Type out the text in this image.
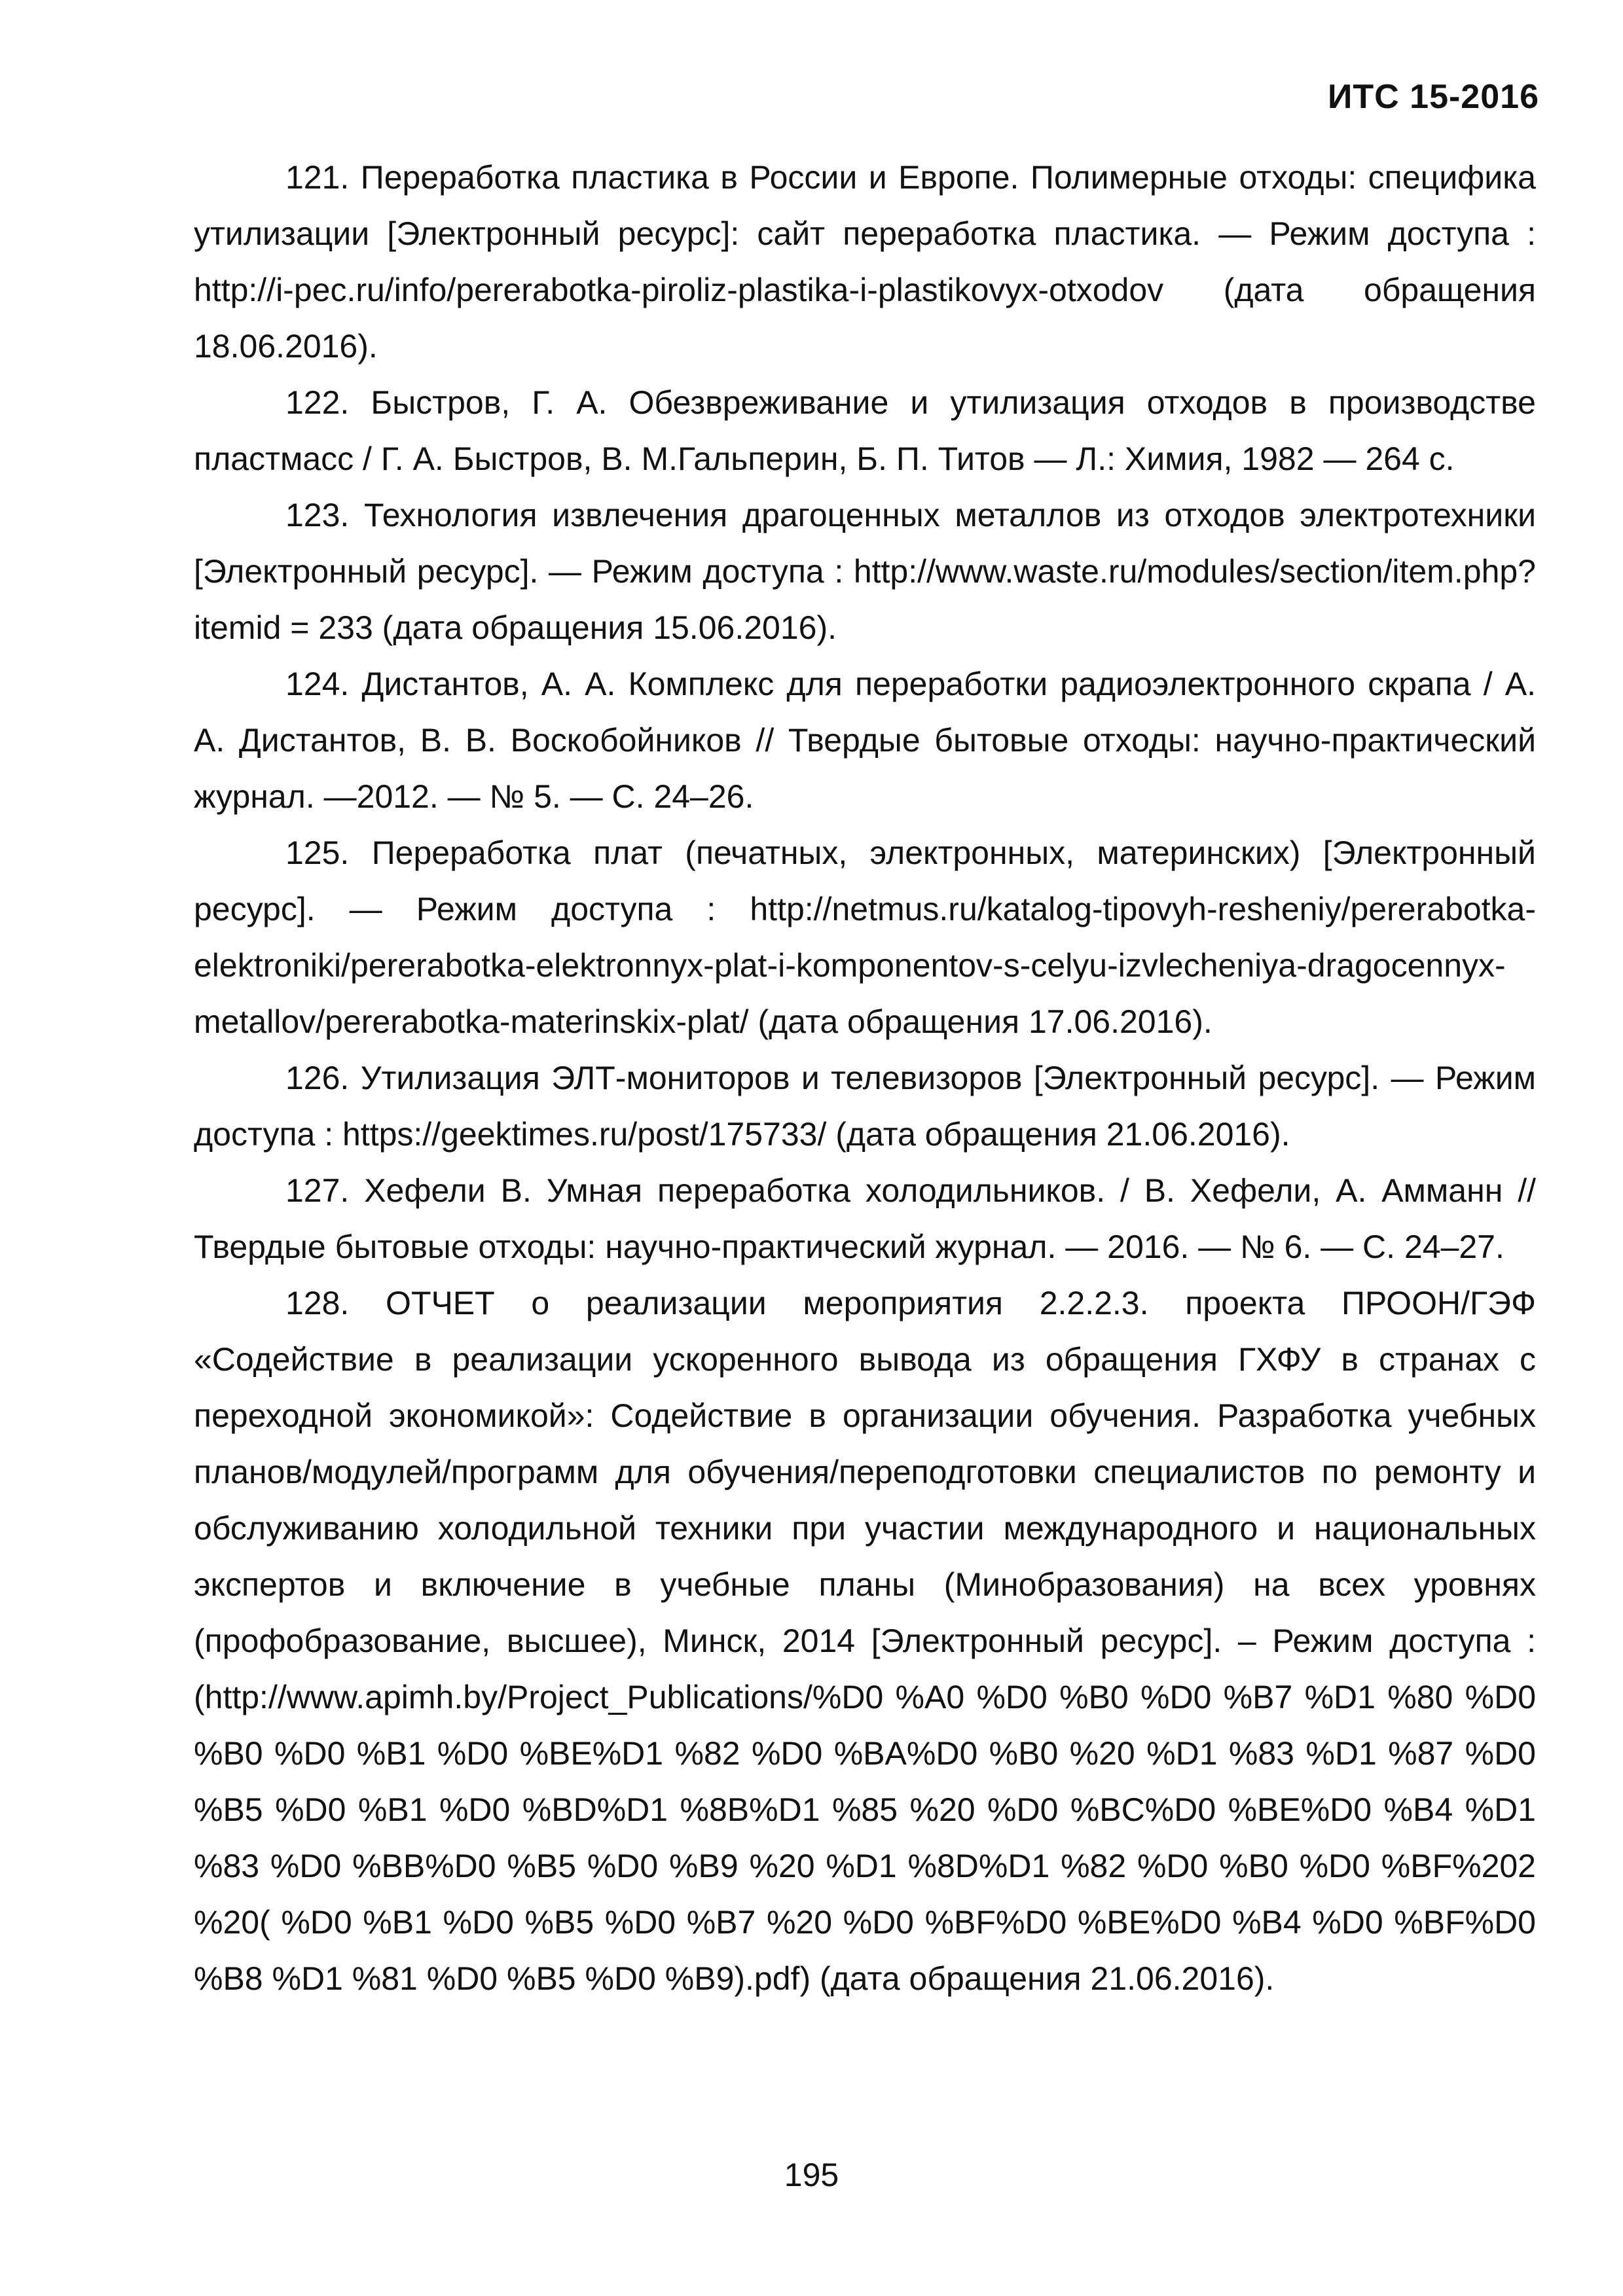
ИТС 15-2016

121. Переработка пластика в России и Европе. Полимерные отходы: специфика утилизации [Электронный ресурс]: сайт переработка пластика. — Режим доступа : http://i-pec.ru/info/pererabotka-piroliz-plastika-i-plastikovyx-otxodov (дата обращения 18.06.2016).

122. Быстров, Г. А. Обезвреживание и утилизация отходов в производстве пластмасс / Г. А. Быстров, В. М.Гальперин, Б. П. Титов — Л.: Химия, 1982 — 264 с.

123. Технология извлечения драгоценных металлов из отходов электротехники [Электронный ресурс]. — Режим доступа : http://www.waste.ru/modules/section/item.php?itemid = 233 (дата обращения 15.06.2016).

124. Дистантов, А. А. Комплекс для переработки радиоэлектронного скрапа / А. А. Дистантов, В. В. Воскобойников // Твердые бытовые отходы: научно-практический журнал. —2012. — № 5. — С. 24–26.

125. Переработка плат (печатных, электронных, материнских) [Электронный ресурс]. — Режим доступа : http://netmus.ru/katalog-tipovyh-resheniy/pererabotka-elektroniki/pererabotka-elektronnyx-plat-i-komponentov-s-celyu-izvlecheniya-dragocennyx-metallov/pererabotka-materinskix-plat/ (дата обращения 17.06.2016).

126. Утилизация ЭЛТ-мониторов и телевизоров [Электронный ресурс]. — Режим доступа : https://geektimes.ru/post/175733/ (дата обращения 21.06.2016).

127. Хефели В. Умная переработка холодильников. / В. Хефели, А. Амманн // Твердые бытовые отходы: научно-практический журнал. — 2016. — № 6. — С. 24–27.

128. ОТЧЕТ о реализации мероприятия 2.2.2.3. проекта ПРООН/ГЭФ «Содействие в реализации ускоренного вывода из обращения ГХФУ в странах с переходной экономикой»: Содействие в организации обучения. Разработка учебных планов/модулей/программ для обучения/переподготовки специалистов по ремонту и обслуживанию холодильной техники при участии международного и национальных экспертов и включение в учебные планы (Минобразования) на всех уровнях (профобразование, высшее), Минск, 2014 [Электронный ресурс]. – Режим доступа : (http://www.apimh.by/Project_Publications/%D0 %A0 %D0 %B0 %D0 %B7 %D1 %80 %D0 %B0 %D0 %B1 %D0 %BE%D1 %82 %D0 %BA%D0 %B0 %20 %D1 %83 %D1 %87 %D0 %B5 %D0 %B1 %D0 %BD%D1 %8B%D1 %85 %20 %D0 %BC%D0 %BE%D0 %B4 %D1 %83 %D0 %BB%D0 %B5 %D0 %B9 %20 %D1 %8D%D1 %82 %D0 %B0 %D0 %BF%202 %20( %D0 %B1 %D0 %B5 %D0 %B7 %20 %D0 %BF%D0 %BE%D0 %B4 %D0 %BF%D0 %B8 %D1 %81 %D0 %B5 %D0 %B9).pdf) (дата обращения 21.06.2016).

195
